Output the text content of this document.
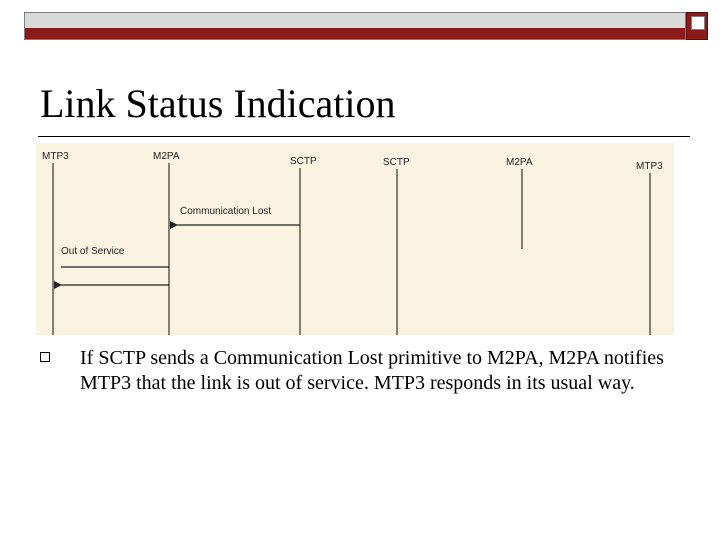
Link Status Indication
MTP3	M2PA	SCTP	SCTP	M2PA	MTP3
Communication Lost
Out of Service
If SCTP sends a Communication Lost primitive to M2PA, M2PA notifies MTP3 that the link is out of service. MTP3 responds in its usual way.
